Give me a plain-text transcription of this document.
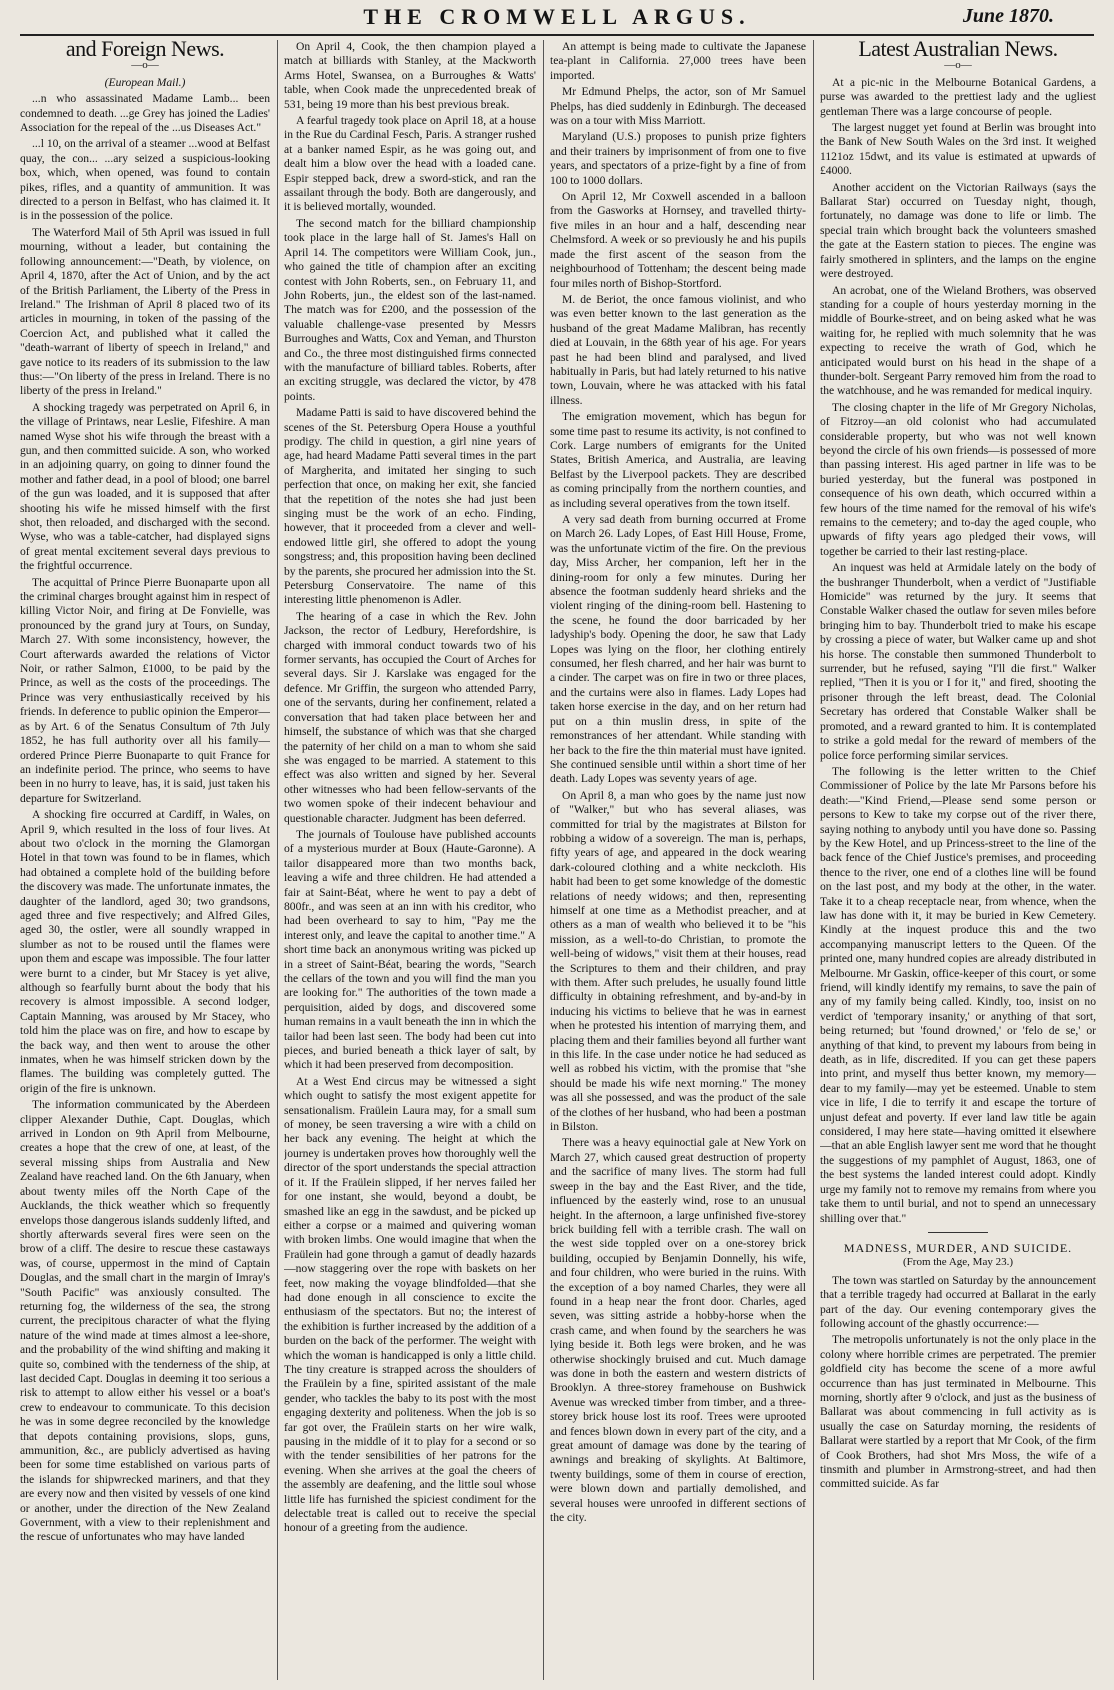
THE CROMWELL ARGUS.	June 1870.
and Foreign News.
—o—
(European Mail.)

...n who assassinated Madame Lamb... been condemned to death. ...ge Grey has joined the Ladies' Association for the repeal of the ...us Diseases Act."

...l 10, on the arrival of a steamer ...wood at Belfast quay, the con... ...ary seized a suspicious-looking box, which, when opened, was found to contain pikes, rifles, and a quantity of ammunition. It was directed to a person in Belfast, who has claimed it. It is in the possession of the police.

The Waterford Mail of 5th April was issued in full mourning, without a leader, but containing the following announcement:—"Death, by violence, on April 4, 1870, after the Act of Union, and by the act of the British Parliament, the Liberty of the Press in Ireland." The Irishman of April 8 placed two of its articles in mourning, in token of the passing of the Coercion Act, and published what it called the "death-warrant of liberty of speech in Ireland," and gave notice to its readers of its submission to the law thus:—"On liberty of the press in Ireland. There is no liberty of the press in Ireland."

A shocking tragedy was perpetrated on April 6, in the village of Printaws, near Leslie, Fifeshire. A man named Wyse shot his wife through the breast with a gun, and then committed suicide. A son, who worked in an adjoining quarry, on going to dinner found the mother and father dead, in a pool of blood; one barrel of the gun was loaded, and it is supposed that after shooting his wife he missed himself with the first shot, then reloaded, and discharged with the second. Wyse, who was a table-catcher, had displayed signs of great mental excitement several days previous to the frightful occurrence.

The acquittal of Prince Pierre Buonaparte upon all the criminal charges brought against him in respect of killing Victor Noir, and firing at De Fonvielle, was pronounced by the grand jury at Tours, on Sunday, March 27. With some inconsistency, however, the Court afterwards awarded the relations of Victor Noir, or rather Salmon, £1000, to be paid by the Prince, as well as the costs of the proceedings. The Prince was very enthusiastically received by his friends. In deference to public opinion the Emperor—as by Art. 6 of the Senatus Consultum of 7th July 1852, he has full authority over all his family—ordered Prince Pierre Buonaparte to quit France for an indefinite period. The prince, who seems to have been in no hurry to leave, has, it is said, just taken his departure for Switzerland.

A shocking fire occurred at Cardiff, in Wales, on April 9, which resulted in the loss of four lives. At about two o'clock in the morning the Glamorgan Hotel in that town was found to be in flames, which had obtained a complete hold of the building before the discovery was made. The unfortunate inmates, the daughter of the landlord, aged 30; two grandsons, aged three and five respectively; and Alfred Giles, aged 30, the ostler, were all soundly wrapped in slumber as not to be roused until the flames were upon them and escape was impossible. The four latter were burnt to a cinder, but Mr Stacey is yet alive, although so fearfully burnt about the body that his recovery is almost impossible. A second lodger, Captain Manning, was aroused by Mr Stacey, who told him the place was on fire, and how to escape by the back way, and then went to arouse the other inmates, when he was himself stricken down by the flames. The building was completely gutted. The origin of the fire is unknown.

The information communicated by the Aberdeen clipper Alexander Duthie, Capt. Douglas, which arrived in London on 9th April from Melbourne, creates a hope that the crew of one, at least, of the several missing ships from Australia and New Zealand have reached land. On the 6th January, when about twenty miles off the North Cape of the Aucklands, the thick weather which so frequently envelops those dangerous islands suddenly lifted, and shortly afterwards several fires were seen on the brow of a cliff. The desire to rescue these castaways was, of course, uppermost in the mind of Captain Douglas, and the small chart in the margin of Imray's "South Pacific" was anxiously consulted. The returning fog, the wilderness of the sea, the strong current, the precipitous character of what the flying nature of the wind made at times almost a lee-shore, and the probability of the wind shifting and making it quite so, combined with the tenderness of the ship, at last decided Capt. Douglas in deeming it too serious a risk to attempt to allow either his vessel or a boat's crew to endeavour to communicate. To this decision he was in some degree reconciled by the knowledge that depots containing provisions, slops, guns, ammunition, &c., are publicly advertised as having been for some time established on various parts of the islands for shipwrecked mariners, and that they are every now and then visited by vessels of one kind or another, under the direction of the New Zealand Government, with a view to their replenishment and the rescue of unfortunates who may have landed

On April 4, Cook, the then champion played a match at billiards with Stanley, at the Mackworth Arms Hotel, Swansea, on a Burroughes & Watts' table, when Cook made the unprecedented break of 531, being 19 more than his best previous break.

A fearful tragedy took place on April 18, at a house in the Rue du Cardinal Fesch, Paris. A stranger rushed at a banker named Espir, as he was going out, and dealt him a blow over the head with a loaded cane. Espir stepped back, drew a sword-stick, and ran the assailant through the body. Both are dangerously, and it is believed mortally, wounded.

The second match for the billiard championship took place in the large hall of St. James's Hall on April 14. The competitors were William Cook, jun., who gained the title of champion after an exciting contest with John Roberts, sen., on February 11, and John Roberts, jun., the eldest son of the last-named. The match was for £200, and the possession of the valuable challenge-vase presented by Messrs Burroughes and Watts, Cox and Yeman, and Thurston and Co., the three most distinguished firms connected with the manufacture of billiard tables. Roberts, after an exciting struggle, was declared the victor, by 478 points.

Madame Patti is said to have discovered behind the scenes of the St. Petersburg Opera House a youthful prodigy. The child in question, a girl nine years of age, had heard Madame Patti several times in the part of Margherita, and imitated her singing to such perfection that once, on making her exit, she fancied that the repetition of the notes she had just been singing must be the work of an echo. Finding, however, that it proceeded from a clever and well-endowed little girl, she offered to adopt the young songstress; and, this proposition having been declined by the parents, she procured her admission into the St. Petersburg Conservatoire. The name of this interesting little phenomenon is Adler.

The hearing of a case in which the Rev. John Jackson, the rector of Ledbury, Herefordshire, is charged with immoral conduct towards two of his former servants, has occupied the Court of Arches for several days. Sir J. Karslake was engaged for the defence. Mr Griffin, the surgeon who attended Parry, one of the servants, during her confinement, related a conversation that had taken place between her and himself, the substance of which was that she charged the paternity of her child on a man to whom she said she was engaged to be married. A statement to this effect was also written and signed by her. Several other witnesses who had been fellow-servants of the two women spoke of their indecent behaviour and questionable character. Judgment has been deferred.

The journals of Toulouse have published accounts of a mysterious murder at Boux (Haute-Garonne). A tailor disappeared more than two months back, leaving a wife and three children. He had attended a fair at Saint-Béat, where he went to pay a debt of 800fr., and was seen at an inn with his creditor, who had been overheard to say to him, "Pay me the interest only, and leave the capital to another time." A short time back an anonymous writing was picked up in a street of Saint-Béat, bearing the words, "Search the cellars of the town and you will find the man you are looking for." The authorities of the town made a perquisition, aided by dogs, and discovered some human remains in a vault beneath the inn in which the tailor had been last seen. The body had been cut into pieces, and buried beneath a thick layer of salt, by which it had been preserved from decomposition.

At a West End circus may be witnessed a sight which ought to satisfy the most exigent appetite for sensationalism. Fraülein Laura may, for a small sum of money, be seen traversing a wire with a child on her back any evening. The height at which the journey is undertaken proves how thoroughly well the director of the sport understands the special attraction of it. If the Fraülein slipped, if her nerves failed her for one instant, she would, beyond a doubt, be smashed like an egg in the sawdust, and be picked up either a corpse or a maimed and quivering woman with broken limbs. One would imagine that when the Fraülein had gone through a gamut of deadly hazards—now staggering over the rope with baskets on her feet, now making the voyage blindfolded—that she had done enough in all conscience to excite the enthusiasm of the spectators. But no; the interest of the exhibition is further increased by the addition of a burden on the back of the performer. The weight with which the woman is handicapped is only a little child. The tiny creature is strapped across the shoulders of the Fraülein by a fine, spirited assistant of the male gender, who tackles the baby to its post with the most engaging dexterity and politeness. When the job is so far got over, the Fraülein starts on her wire walk, pausing in the middle of it to play for a second or so with the tender sensibilities of her patrons for the evening. When she arrives at the goal the cheers of the assembly are deafening, and the little soul whose little life has furnished the spiciest condiment for the delectable treat is called out to receive the special honour of a greeting from the audience.

An attempt is being made to cultivate the Japanese tea-plant in California. 27,000 trees have been imported.

Mr Edmund Phelps, the actor, son of Mr Samuel Phelps, has died suddenly in Edinburgh. The deceased was on a tour with Miss Marriott.

Maryland (U.S.) proposes to punish prize fighters and their trainers by imprisonment of from one to five years, and spectators of a prize-fight by a fine of from 100 to 1000 dollars.

On April 12, Mr Coxwell ascended in a balloon from the Gasworks at Hornsey, and travelled thirty-five miles in an hour and a half, descending near Chelmsford. A week or so previously he and his pupils made the first ascent of the season from the neighbourhood of Tottenham; the descent being made four miles north of Bishop-Stortford.

M. de Beriot, the once famous violinist, and who was even better known to the last generation as the husband of the great Madame Malibran, has recently died at Louvain, in the 68th year of his age. For years past he had been blind and paralysed, and lived habitually in Paris, but had lately returned to his native town, Louvain, where he was attacked with his fatal illness.

The emigration movement, which has begun for some time past to resume its activity, is not confined to Cork. Large numbers of emigrants for the United States, British America, and Australia, are leaving Belfast by the Liverpool packets. They are described as coming principally from the northern counties, and as including several operatives from the town itself.

A very sad death from burning occurred at Frome on March 26. Lady Lopes, of East Hill House, Frome, was the unfortunate victim of the fire. On the previous day, Miss Archer, her companion, left her in the dining-room for only a few minutes. During her absence the footman suddenly heard shrieks and the violent ringing of the dining-room bell. Hastening to the scene, he found the door barricaded by her ladyship's body. Opening the door, he saw that Lady Lopes was lying on the floor, her clothing entirely consumed, her flesh charred, and her hair was burnt to a cinder. The carpet was on fire in two or three places, and the curtains were also in flames. Lady Lopes had taken horse exercise in the day, and on her return had put on a thin muslin dress, in spite of the remonstrances of her attendant. While standing with her back to the fire the thin material must have ignited. She continued sensible until within a short time of her death. Lady Lopes was seventy years of age.

On April 8, a man who goes by the name just now of "Walker," but who has several aliases, was committed for trial by the magistrates at Bilston for robbing a widow of a sovereign. The man is, perhaps, fifty years of age, and appeared in the dock wearing dark-coloured clothing and a white neckcloth. His habit had been to get some knowledge of the domestic relations of needy widows; and then, representing himself at one time as a Methodist preacher, and at others as a man of wealth who believed it to be "his mission, as a well-to-do Christian, to promote the well-being of widows," visit them at their houses, read the Scriptures to them and their children, and pray with them. After such preludes, he usually found little difficulty in obtaining refreshment, and by-and-by in inducing his victims to believe that he was in earnest when he protested his intention of marrying them, and placing them and their families beyond all further want in this life. In the case under notice he had seduced as well as robbed his victim, with the promise that "she should be made his wife next morning." The money was all she possessed, and was the product of the sale of the clothes of her husband, who had been a postman in Bilston.

There was a heavy equinoctial gale at New York on March 27, which caused great destruction of property and the sacrifice of many lives. The storm had full sweep in the bay and the East River, and the tide, influenced by the easterly wind, rose to an unusual height. In the afternoon, a large unfinished five-storey brick building fell with a terrible crash. The wall on the west side toppled over on a one-storey brick building, occupied by Benjamin Donnelly, his wife, and four children, who were buried in the ruins. With the exception of a boy named Charles, they were all found in a heap near the front door. Charles, aged seven, was sitting astride a hobby-horse when the crash came, and when found by the searchers he was lying beside it. Both legs were broken, and he was otherwise shockingly bruised and cut. Much damage was done in both the eastern and western districts of Brooklyn. A three-storey framehouse on Bushwick Avenue was wrecked timber from timber, and a three-storey brick house lost its roof. Trees were uprooted and fences blown down in every part of the city, and a great amount of damage was done by the tearing of awnings and breaking of skylights. At Baltimore, twenty buildings, some of them in course of erection, were blown down and partially demolished, and several houses were unroofed in different sections of the city.

Latest Australian News.
—o—

At a pic-nic in the Melbourne Botanical Gardens, a purse was awarded to the prettiest lady and the ugliest gentleman There was a large concourse of people.

The largest nugget yet found at Berlin was brought into the Bank of New South Wales on the 3rd inst. It weighed 1121oz 15dwt, and its value is estimated at upwards of £4000.

Another accident on the Victorian Railways (says the Ballarat Star) occurred on Tuesday night, though, fortunately, no damage was done to life or limb. The special train which brought back the volunteers smashed the gate at the Eastern station to pieces. The engine was fairly smothered in splinters, and the lamps on the engine were destroyed.

An acrobat, one of the Wieland Brothers, was observed standing for a couple of hours yesterday morning in the middle of Bourke-street, and on being asked what he was waiting for, he replied with much solemnity that he was expecting to receive the wrath of God, which he anticipated would burst on his head in the shape of a thunder-bolt. Sergeant Parry removed him from the road to the watchhouse, and he was remanded for medical inquiry.

The closing chapter in the life of Mr Gregory Nicholas, of Fitzroy—an old colonist who had accumulated considerable property, but who was not well known beyond the circle of his own friends—is possessed of more than passing interest. His aged partner in life was to be buried yesterday, but the funeral was postponed in consequence of his own death, which occurred within a few hours of the time named for the removal of his wife's remains to the cemetery; and to-day the aged couple, who upwards of fifty years ago pledged their vows, will together be carried to their last resting-place.

An inquest was held at Armidale lately on the body of the bushranger Thunderbolt, when a verdict of "Justifiable Homicide" was returned by the jury. It seems that Constable Walker chased the outlaw for seven miles before bringing him to bay. Thunderbolt tried to make his escape by crossing a piece of water, but Walker came up and shot his horse. The constable then summoned Thunderbolt to surrender, but he refused, saying "I'll die first." Walker replied, "Then it is you or I for it," and fired, shooting the prisoner through the left breast, dead. The Colonial Secretary has ordered that Constable Walker shall be promoted, and a reward granted to him. It is contemplated to strike a gold medal for the reward of members of the police force performing similar services.

The following is the letter written to the Chief Commissioner of Police by the late Mr Parsons before his death:—"Kind Friend,—Please send some person or persons to Kew to take my corpse out of the river there, saying nothing to anybody until you have done so. Passing by the Kew Hotel, and up Princess-street to the line of the back fence of the Chief Justice's premises, and proceeding thence to the river, one end of a clothes line will be found on the last post, and my body at the other, in the water. Take it to a cheap receptacle near, from whence, when the law has done with it, it may be buried in Kew Cemetery. Kindly at the inquest produce this and the two accompanying manuscript letters to the Queen. Of the printed one, many hundred copies are already distributed in Melbourne. Mr Gaskin, office-keeper of this court, or some friend, will kindly identify my remains, to save the pain of any of my family being called. Kindly, too, insist on no verdict of 'temporary insanity,' or anything of that sort, being returned; but 'found drowned,' or 'felo de se,' or anything of that kind, to prevent my labours from being in death, as in life, discredited. If you can get these papers into print, and myself thus better known, my memory—dear to my family—may yet be esteemed. Unable to stem vice in life, I die to terrify it and escape the torture of unjust defeat and poverty. If ever land law title be again considered, I may here state—having omitted it elsewhere—that an able English lawyer sent me word that he thought the suggestions of my pamphlet of August, 1863, one of the best systems the landed interest could adopt. Kindly urge my family not to remove my remains from where you take them to until burial, and not to spend an unnecessary shilling over that."

MADNESS, MURDER, AND SUICIDE.
(From the Age, May 23.)

The town was startled on Saturday by the announcement that a terrible tragedy had occurred at Ballarat in the early part of the day. Our evening contemporary gives the following account of the ghastly occurrence:—

The metropolis unfortunately is not the only place in the colony where horrible crimes are perpetrated. The premier goldfield city has become the scene of a more awful occurrence than has just terminated in Melbourne. This morning, shortly after 9 o'clock, and just as the business of Ballarat was about commencing in full activity as is usually the case on Saturday morning, the residents of Ballarat were startled by a report that Mr Cook, of the firm of Cook Brothers, had shot Mrs Moss, the wife of a tinsmith and plumber in Armstrong-street, and had then committed suicide. As far
